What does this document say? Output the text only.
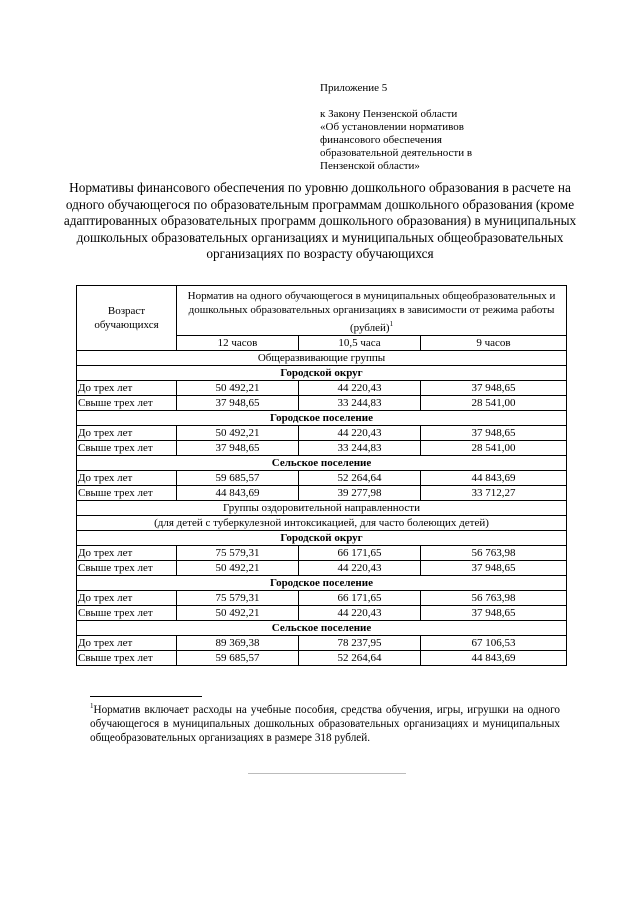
Приложение 5
к Закону Пензенской области
«Об установлении нормативов
финансового обеспечения
образовательной деятельности в
Пензенской области»
Нормативы финансового обеспечения по уровню дошкольного образования в расчете на одного обучающегося по образовательным программам дошкольного образования (кроме адаптированных образовательных программ дошкольного образования) в муниципальных дошкольных образовательных организациях и муниципальных общеобразовательных организациях по возрасту обучающихся
Возраст обучающихся	Норматив на одного обучающегося в муниципальных общеобразовательных и дошкольных образовательных организациях в зависимости от режима работы (рублей)$^1$
	12 часов	10,5 часа	9 часов
Общеразвивающие группы			
Городской округ			
До трех лет	50 492,21	44 220,43	37 948,65
Свыше трех лет	37 948,65	33 244,83	28 541,00
Городское поселение			
До трех лет	50 492,21	44 220,43	37 948,65
Свыше трех лет	37 948,65	33 244,83	28 541,00
Сельское поселение			
До трех лет	59 685,57	52 264,64	44 843,69
Свыше трех лет	44 843,69	39 277,98	33 712,27
Группы оздоровительной направленности			
(для детей с туберкулезной интоксикацией, для часто болеющих детей)			
Городской округ			
До трех лет	75 579,31	66 171,65	56 763,98
Свыше трех лет	50 492,21	44 220,43	37 948,65
Городское поселение			
До трех лет	75 579,31	66 171,65	56 763,98
Свыше трех лет	50 492,21	44 220,43	37 948,65
Сельское поселение			
До трех лет	89 369,38	78 237,95	67 106,53
Свыше трех лет	59 685,57	52 264,64	44 843,69
$^1$Норматив включает расходы на учебные пособия, средства обучения, игры, игрушки на одного обучающегося в муниципальных дошкольных образовательных организациях и муниципальных общеобразовательных организациях в размере 318 рублей.
